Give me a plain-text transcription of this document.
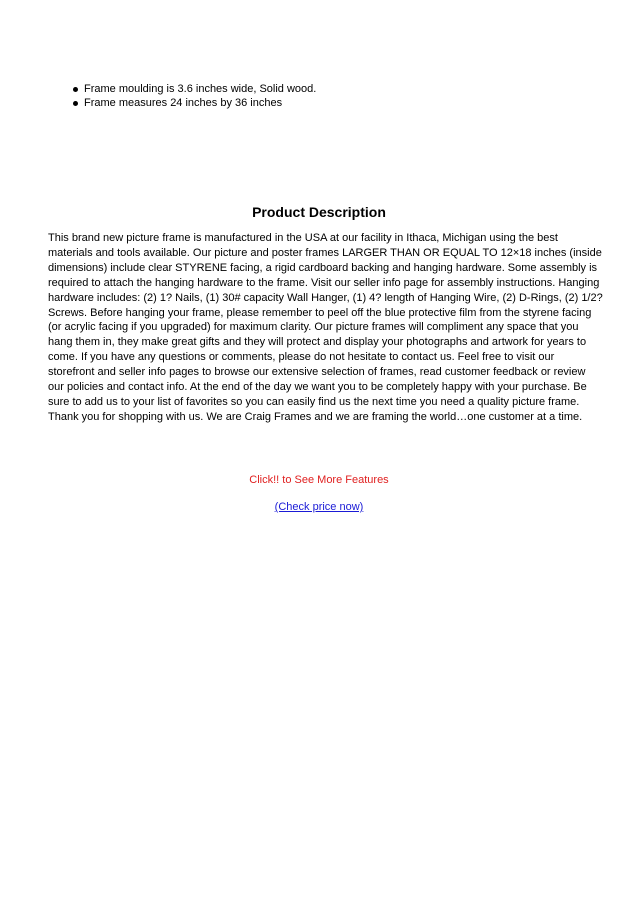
Frame moulding is 3.6 inches wide, Solid wood.
Frame measures 24 inches by 36 inches
Product Description

This brand new picture frame is manufactured in the USA at our facility in Ithaca, Michigan using the best
materials and tools available. Our picture and poster frames LARGER THAN OR EQUAL TO 12×18 inches (inside
dimensions) include clear STYRENE facing, a rigid cardboard backing and hanging hardware. Some assembly is
required to attach the hanging hardware to the frame. Visit our seller info page for assembly instructions. Hanging
hardware includes: (2) 1? Nails, (1) 30# capacity Wall Hanger, (1) 4? length of Hanging Wire, (2) D-Rings, (2) 1/2?
Screws. Before hanging your frame, please remember to peel off the blue protective film from the styrene facing
(or acrylic facing if you upgraded) for maximum clarity. Our picture frames will compliment any space that you
hang them in, they make great gifts and they will protect and display your photographs and artwork for years to
come. If you have any questions or comments, please do not hesitate to contact us. Feel free to visit our
storefront and seller info pages to browse our extensive selection of frames, read customer feedback or review
our policies and contact info. At the end of the day we want you to be completely happy with your purchase. Be
sure to add us to your list of favorites so you can easily find us the next time you need a quality picture frame.
Thank you for shopping with us. We are Craig Frames and we are framing the world…one customer at a time.

Click!! to See More Features
(Check price now)
